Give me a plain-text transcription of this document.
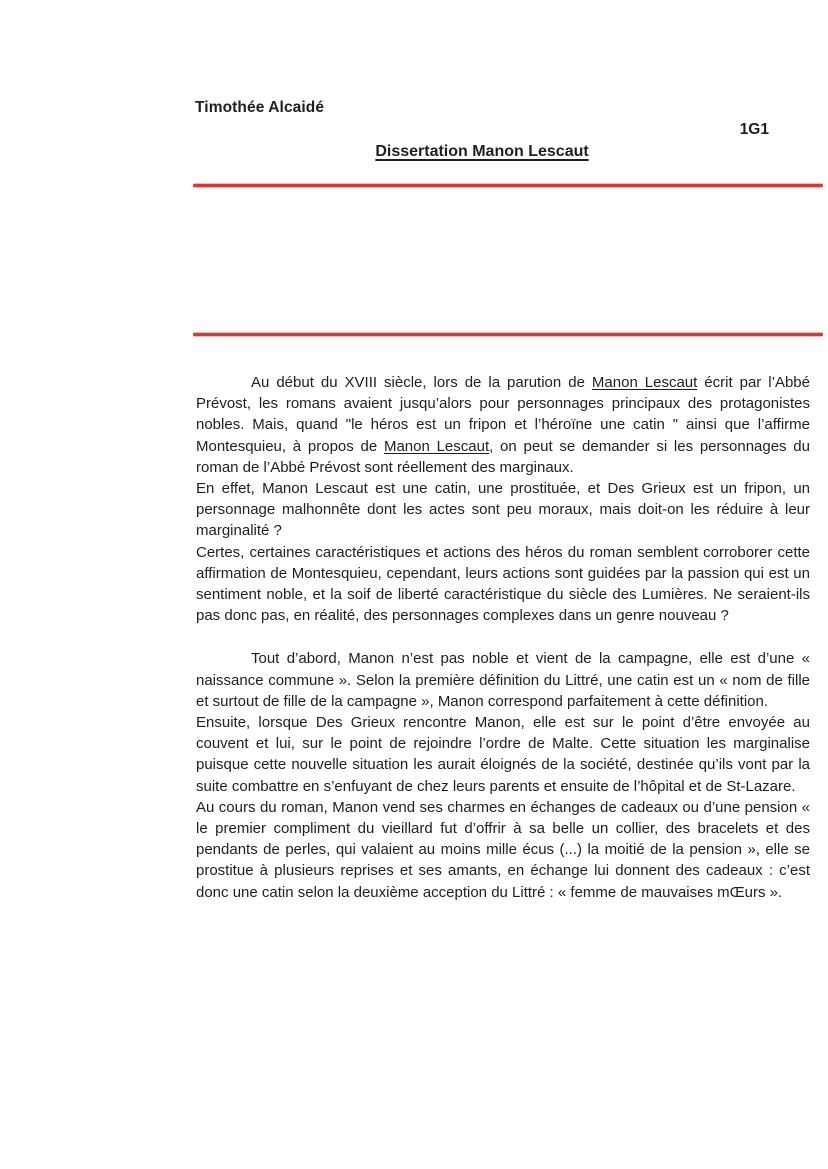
Timothée Alcaidé
1G1
Dissertation Manon Lescaut

Au début du XVIII siècle, lors de la parution de Manon Lescaut écrit par l’Abbé Prévost, les romans avaient jusqu’alors pour personnages principaux des protagonistes nobles. Mais, quand "le héros est un fripon et l’héroïne une catin " ainsi que l’affirme Montesquieu, à propos de Manon Lescaut, on peut se demander si les personnages du roman de l’Abbé Prévost sont réellement des marginaux.

En effet, Manon Lescaut est une catin, une prostituée, et Des Grieux est un fripon, un personnage malhonnête dont les actes sont peu moraux, mais doit-on les réduire à leur marginalité ?

Certes, certaines caractéristiques et actions des héros du roman semblent corroborer cette affirmation de Montesquieu, cependant, leurs actions sont guidées par la passion qui est un sentiment noble, et la soif de liberté caractéristique du siècle des Lumières. Ne seraient-ils pas donc pas, en réalité, des personnages complexes dans un genre nouveau ?

Tout d’abord, Manon n’est pas noble et vient de la campagne, elle est d’une « naissance commune ». Selon la première définition du Littré, une catin est un « nom de fille et surtout de fille de la campagne », Manon correspond parfaitement à cette définition.

Ensuite, lorsque Des Grieux rencontre Manon, elle est sur le point d’être envoyée au couvent et lui, sur le point de rejoindre l’ordre de Malte. Cette situation les marginalise puisque cette nouvelle situation les aurait éloignés de la société, destinée qu’ils vont par la suite combattre en s’enfuyant de chez leurs parents et ensuite de l’hôpital et de St-Lazare.

Au cours du roman, Manon vend ses charmes en échanges de cadeaux ou d’une pension « le premier compliment du vieillard fut d’offrir à sa belle un collier, des bracelets et des pendants de perles, qui valaient au moins mille écus (...) la moitié de la pension », elle se prostitue à plusieurs reprises et ses amants, en échange lui donnent des cadeaux : c’est donc une catin selon la deuxième acception du Littré : « femme de mauvaises mŒurs ».
